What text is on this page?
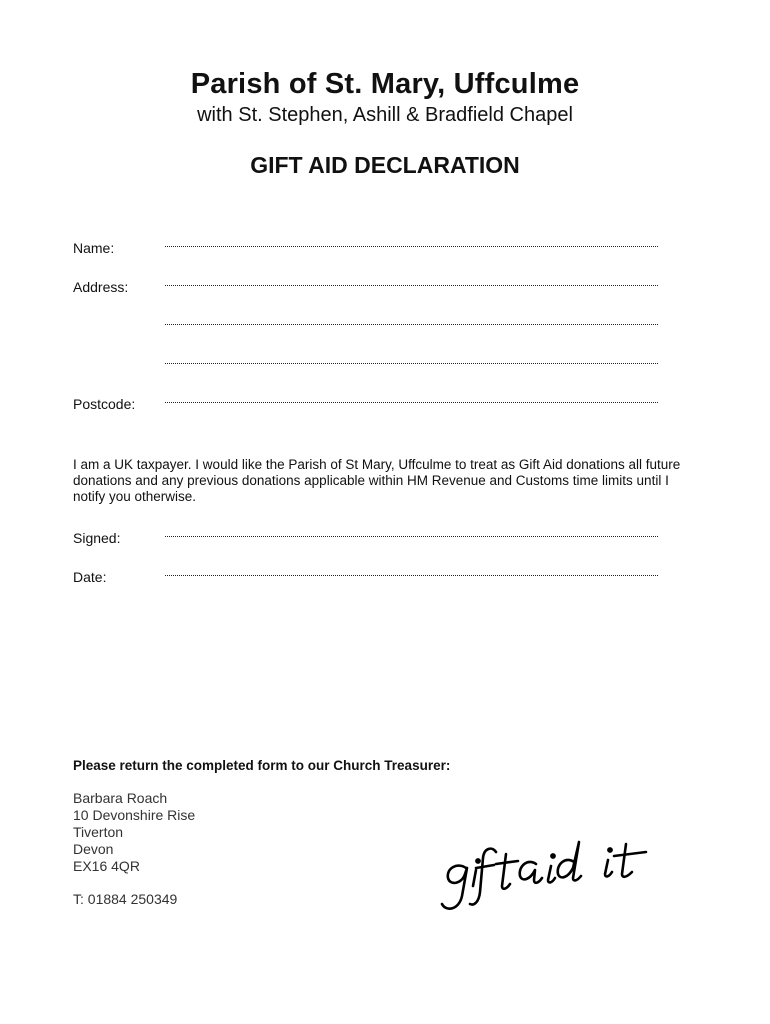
Parish of St. Mary, Uffculme

with St. Stephen, Ashill & Bradfield Chapel

GIFT AID DECLARATION
Name:
Address:
Postcode:

I am a UK taxpayer. I would like the Parish of St Mary, Uffculme to treat as Gift Aid donations all future donations and any previous donations applicable within HM Revenue and Customs time limits until I notify you otherwise.

Signed:
Date:

Please return the completed form to our Church Treasurer:

Barbara Roach
10 Devonshire Rise
Tiverton
Devon
EX16 4QR
T: 01884 250349
